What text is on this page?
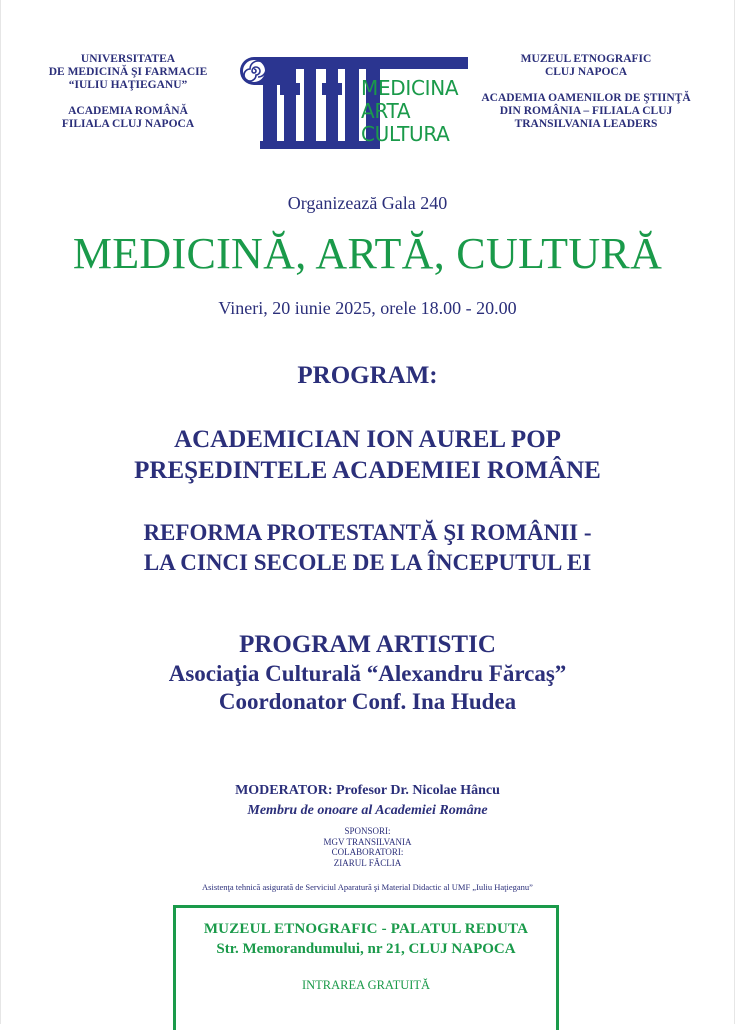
UNIVERSITATEA
DE MEDICINĂ ŞI FARMACIE
“IULIU HAŢIEGANU”
ACADEMIA ROMÂNĂ
FILIALA CLUJ NAPOCA
MEDICINA
ARTA
CULTURA
MUZEUL ETNOGRAFIC
CLUJ NAPOCA
ACADEMIA OAMENILOR DE ŞTIINŢĂ
DIN ROMÂNIA – FILIALA CLUJ
TRANSILVANIA LEADERS
Organizează Gala 240
MEDICINĂ, ARTĂ, CULTURĂ
Vineri, 20 iunie 2025, orele 18.00 - 20.00
PROGRAM:
ACADEMICIAN ION AUREL POP
PREŞEDINTELE ACADEMIEI ROMÂNE
REFORMA PROTESTANTĂ ŞI ROMÂNII -
LA CINCI SECOLE DE LA ÎNCEPUTUL EI
PROGRAM ARTISTIC
Asociaţia Culturală “Alexandru Fărcaş”
Coordonator Conf. Ina Hudea
MODERATOR: Profesor Dr. Nicolae Hâncu
Membru de onoare al Academiei Române
SPONSORI:
MGV TRANSILVANIA
COLABORATORI:
ZIARUL FĂCLIA
Asistenţa tehnică asigurată de Serviciul Aparatură şi Material Didactic al UMF „Iuliu Haţieganu”
MUZEUL ETNOGRAFIC - PALATUL REDUTA
Str. Memorandumului, nr 21, CLUJ NAPOCA
INTRAREA GRATUITĂ
